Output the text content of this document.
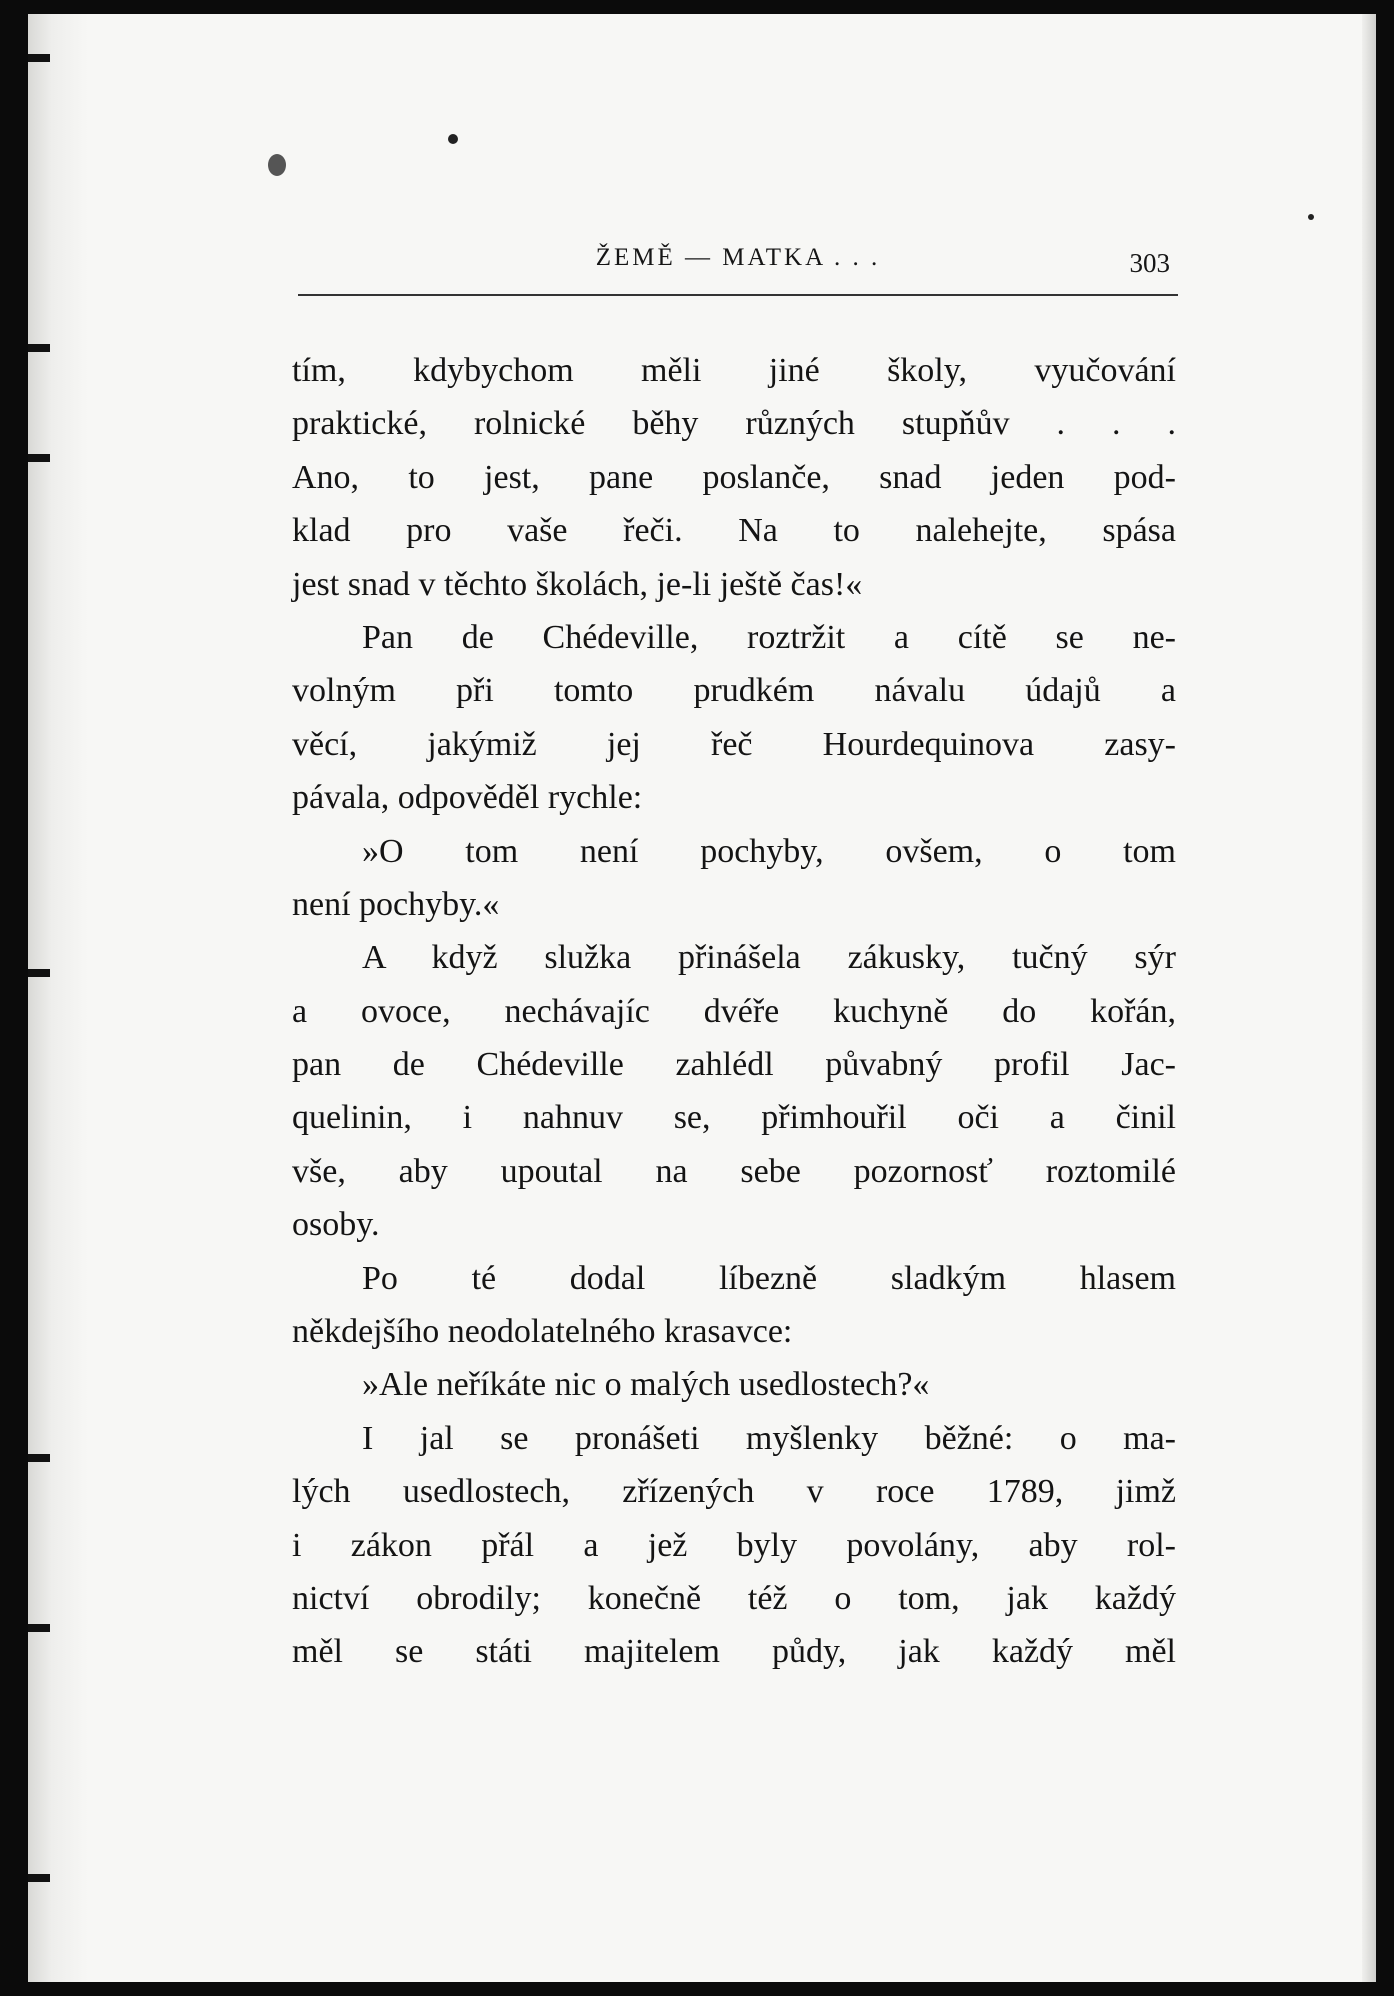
ŽEMĚ — MATKA . . .	303
tím, kdybychom měli jiné školy, vyučování
praktické, rolnické běhy různých stupňův . . .
Ano, to jest, pane poslanče, snad jeden pod-
klad pro vaše řeči. Na to nalehejte, spása
jest snad v těchto školách, je-li ještě čas!«
Pan de Chédeville, roztržit a cítě se ne-
volným při tomto prudkém návalu údajů a
věcí, jakýmiž jej řeč Hourdequinova zasy-
pávala, odpověděl rychle:
»O tom není pochyby, ovšem, o tom
není pochyby.«
A když služka přinášela zákusky, tučný sýr
a ovoce, nechávajíc dvéře kuchyně do kořán,
pan de Chédeville zahlédl půvabný profil Jac-
quelinin, i nahnuv se, přimhouřil oči a činil
vše, aby upoutal na sebe pozornosť roztomilé
osoby.
Po té dodal líbezně sladkým hlasem
někdejšího neodolatelného krasavce:
»Ale neříkáte nic o malých usedlostech?«
I jal se pronášeti myšlenky běžné: o ma-
lých usedlostech, zřízených v roce 1789, jimž
i zákon přál a jež byly povolány, aby rol-
nictví obrodily; konečně též o tom, jak každý
měl se státi majitelem půdy, jak každý měl
